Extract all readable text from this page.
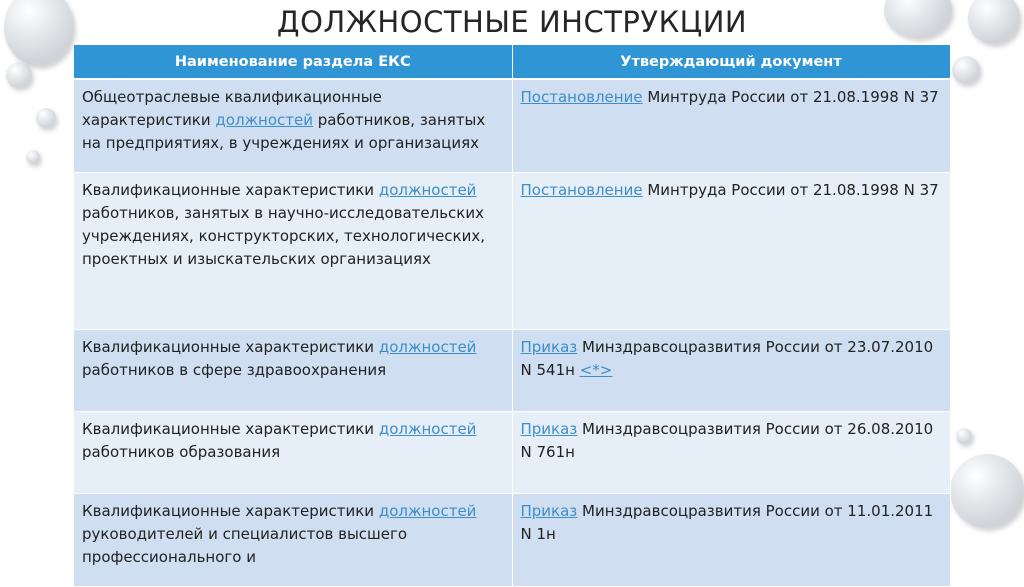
ДОЛЖНОСТНЫЕ ИНСТРУКЦИИ
Наименование раздела ЕКС	Утверждающий документ
Общеотраслевые квалификационные характеристики должностей работников, занятых на предприятиях, в учреждениях и организациях	Постановление Минтруда России от 21.08.1998 N 37
Квалификационные характеристики должностей работников, занятых в научно-исследовательских учреждениях, конструкторских, технологических, проектных и изыскательских организациях	Постановление Минтруда России от 21.08.1998 N 37
Квалификационные характеристики должностей работников в сфере здравоохранения	Приказ Минздравсоцразвития России от 23.07.2010 N 541н <*>
Квалификационные характеристики должностей работников образования	Приказ Минздравсоцразвития России от 26.08.2010 N 761н
Квалификационные характеристики должностей руководителей и специалистов высшего профессионального и	Приказ Минздравсоцразвития России от 11.01.2011 N 1н
